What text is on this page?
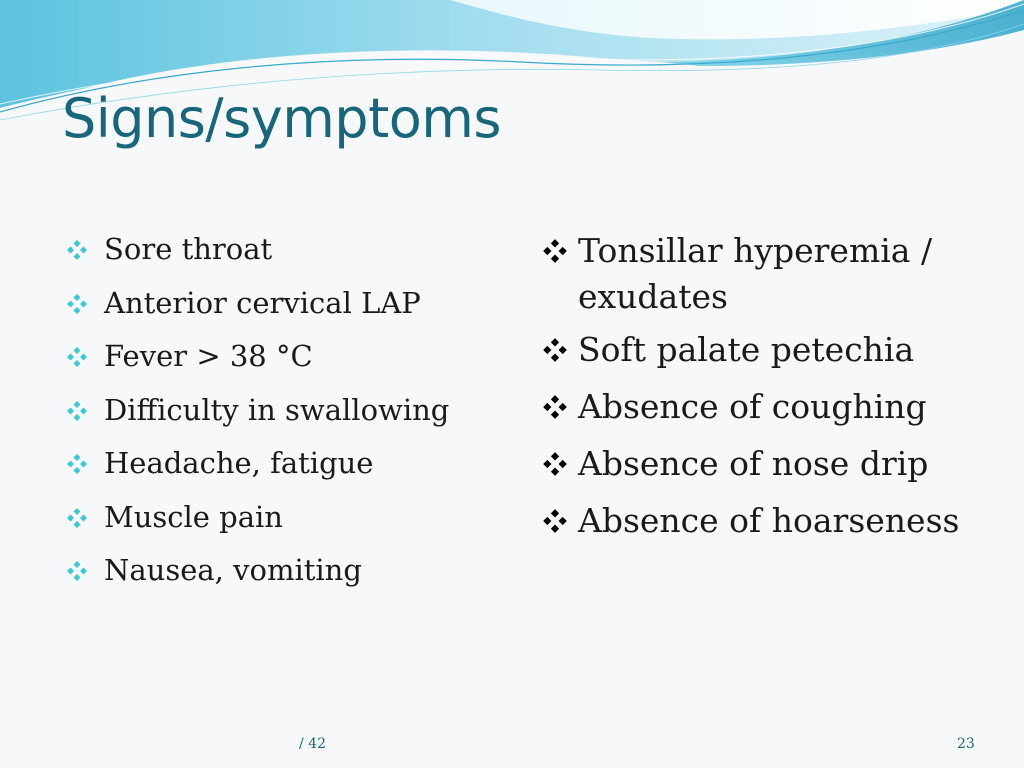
Signs/symptoms
Sore throat
Anterior cervical LAP
Fever > 38 °C
Difficulty in swallowing
Headache, fatigue
Muscle pain
Nausea, vomiting
Tonsillar hyperemia / exudates
Soft palate petechia
Absence of coughing
Absence of nose drip
Absence of hoarseness
/ 42	23
